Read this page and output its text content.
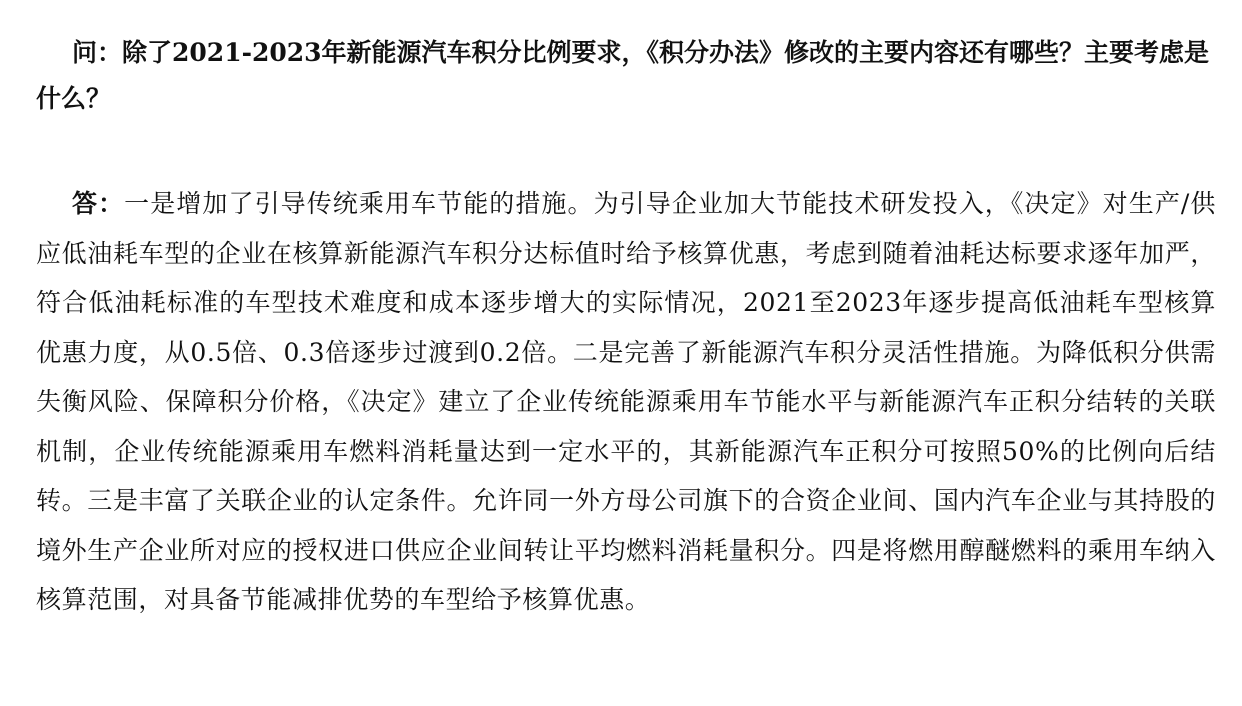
问：除了2021-2023年新能源汽车积分比例要求，《积分办法》修改的主要内容还有哪些？主要考虑是什么？

答：一是增加了引导传统乘用车节能的措施。为引导企业加大节能技术研发投入，《决定》对生产/供应低油耗车型的企业在核算新能源汽车积分达标值时给予核算优惠，考虑到随着油耗达标要求逐年加严，符合低油耗标准的车型技术难度和成本逐步增大的实际情况，2021至2023年逐步提高低油耗车型核算优惠力度，从0.5倍、0.3倍逐步过渡到0.2倍。二是完善了新能源汽车积分灵活性措施。为降低积分供需失衡风险、保障积分价格，《决定》建立了企业传统能源乘用车节能水平与新能源汽车正积分结转的关联机制，企业传统能源乘用车燃料消耗量达到一定水平的，其新能源汽车正积分可按照50%的比例向后结转。三是丰富了关联企业的认定条件。允许同一外方母公司旗下的合资企业间、国内汽车企业与其持股的境外生产企业所对应的授权进口供应企业间转让平均燃料消耗量积分。四是将燃用醇醚燃料的乘用车纳入核算范围，对具备节能减排优势的车型给予核算优惠。
